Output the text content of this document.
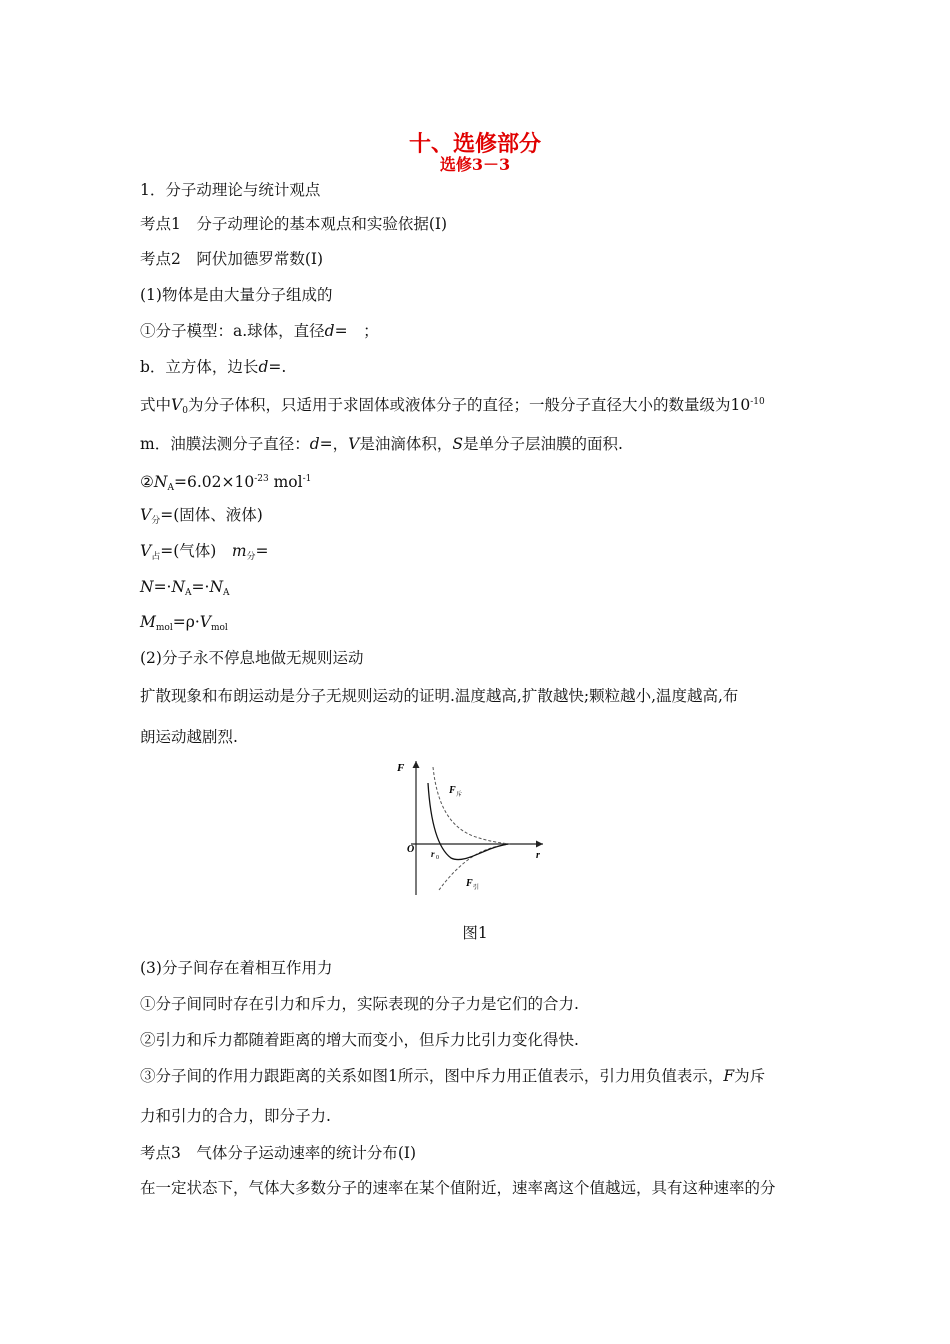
十、选修部分
选修3－3
1．分子动理论与统计观点
考点1　分子动理论的基本观点和实验依据(Ⅰ)
考点2　阿伏加德罗常数(Ⅰ)
(1)物体是由大量分子组成的
①分子模型：a.球体，直径d=　；
b．立方体，边长d=.
式中$V_0$为分子体积，只适用于求固体或液体分子的直径；一般分子直径大小的数量级为$10^{-10}$
m．油膜法测分子直径：d=，V是油滴体积，S是单分子层油膜的面积.
$②N_A=6.02\times 10^{-23}$ mol$^{-1}$
$V_分=$(固体、液体)
$V_占=$(气体)　$m_分=$
$N=\cdot N_A=\cdot N_A$
$M_{mol}=\rho\cdot V_{mol}$
(2)分子永不停息地做无规则运动
扩散现象和布朗运动是分子无规则运动的证明.温度越高,扩散越快;颗粒越小,温度越高,布
朗运动越剧烈.
F
F 斥
F 引
O r 0	r
图1
(3)分子间存在着相互作用力
①分子间同时存在引力和斥力，实际表现的分子力是它们的合力.
②引力和斥力都随着距离的增大而变小，但斥力比引力变化得快.
③分子间的作用力跟距离的关系如图1所示，图中斥力用正值表示，引力用负值表示，F为斥
力和引力的合力，即分子力.
考点3　气体分子运动速率的统计分布(Ⅰ)
在一定状态下，气体大多数分子的速率在某个值附近，速率离这个值越远，具有这种速率的分
